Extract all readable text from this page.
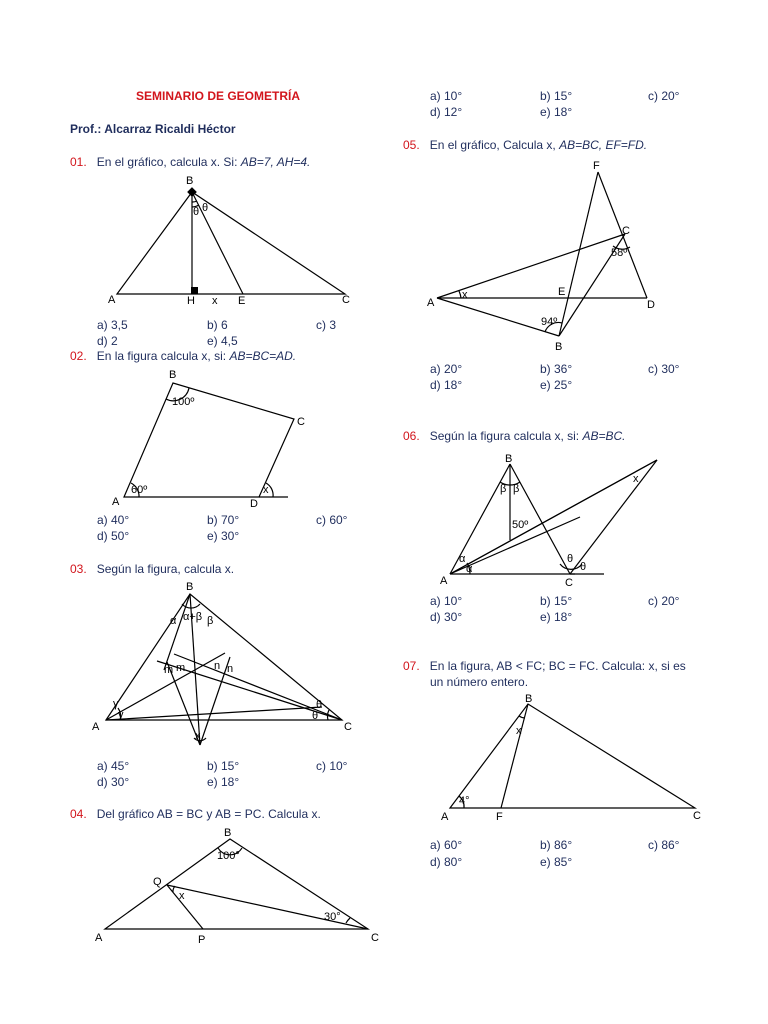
SEMINARIO DE GEOMETRÍA
Prof.: Alcarraz Ricaldi Héctor
01. En el gráfico, calcula x. Si: AB=7, AH=4.
B
A	H x E	C
θ θ
a) 3,5	b) 6	c) 3
d) 2	e) 4,5
02. En la figura calcula x, si: AB=BC=AD.
B
C
A	D
100º
60º	x
a) 40°	b) 70°	c) 60°
d) 50°	e) 30°
03. Según la figura, calcula x.
B
A	C
x
α α+β β
m m	n n
γ
γ
θ
θ
a) 45°	b) 15°	c) 10°
d) 30°	e) 18°
04. Del gráfico AB = BC y AB = PC. Calcula x.
B
A
Q
P	C
x
100°
30°
a) 10°	b) 15°	c) 20°
d) 12°	e) 18°
05. En el gráfico, Calcula x, AB=BC, EF=FD.
F
C
A
E
D
B
x
58º
94º
a) 20°	b) 36°	c) 30°
d) 18°	e) 25°
06. Según la figura calcula x, si: AB=BC.
B
A	C
x
β β
50º
α
α
θ
θ
a) 10°	b) 15°	c) 20°
d) 30°	e) 18°
07. En la figura, AB < FC; BC = FC. Calcula: x, si es
un número entero.
B
A	F	C
x
4°
a) 60°	b) 86°	c) 86°
d) 80°	e) 85°
